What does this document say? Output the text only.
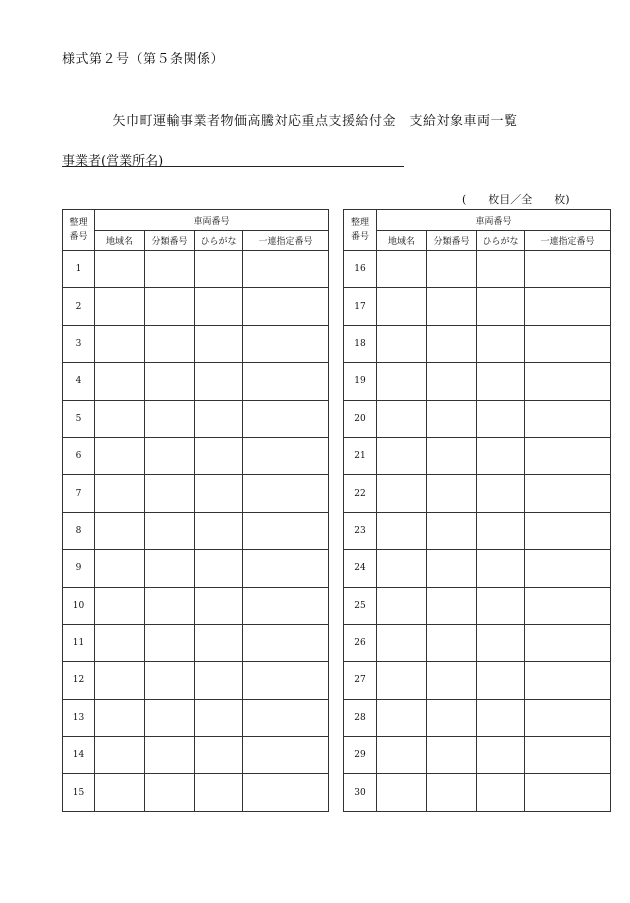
様式第２号（第５条関係）
矢巾町運輸事業者物価高騰対応重点支援給付金　支給対象車両一覧
事業者(営業所名)
(　　枚目／全　　枚)
整理
番号	車両番号			
	地域名	分類番号	ひらがな	一連指定番号
1				
2				
3				
4				
5				
6				
7				
8				
9				
10				
11				
12				
13				
14				
15				
整理
番号	車両番号			
	地域名	分類番号	ひらがな	一連指定番号
16				
17				
18				
19				
20				
21				
22				
23				
24				
25				
26				
27				
28				
29				
30				
